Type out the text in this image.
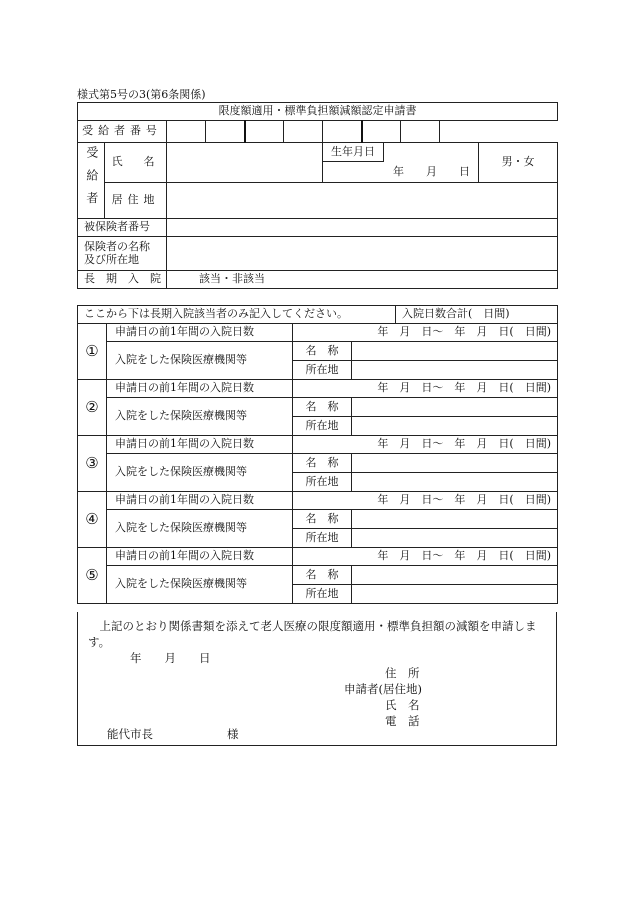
様式第5号の3(第6条関係)
限度額適用・標準負担額減額認定申請書										
受給者番号										

受給者	氏　名					生年月日
年　　月　　日				男・女
	居住地									
被保険者番号										

保険者の名称
及び所在地										

長　期　入　院		該当・非該当								
ここから下は長期入院該当者のみ記入してください。				入院日数合計(　日間)
①	申請日の前1年間の入院日数	年　月　日～　年　月　日(　日間)		
	入院をした保険医療機関等	名　称		
		所在地		
②	申請日の前1年間の入院日数	年　月　日～　年　月　日(　日間)		
	入院をした保険医療機関等	名　称		
		所在地		
③	申請日の前1年間の入院日数	年　月　日～　年　月　日(　日間)		
	入院をした保険医療機関等	名　称		
		所在地		
④	申請日の前1年間の入院日数	年　月　日～　年　月　日(　日間)		
	入院をした保険医療機関等	名　称		
		所在地		
⑤	申請日の前1年間の入院日数	年　月　日～　年　月　日(　日間)		
	入院をした保険医療機関等	名　称		
		所在地		
　上記のとおり関係書類を添えて老人医療の限度額適用・標準負担額の減額を申請します。
年　　月　　日
住　所
申請者(居住地)
氏　名
電　話
能代市長	様
